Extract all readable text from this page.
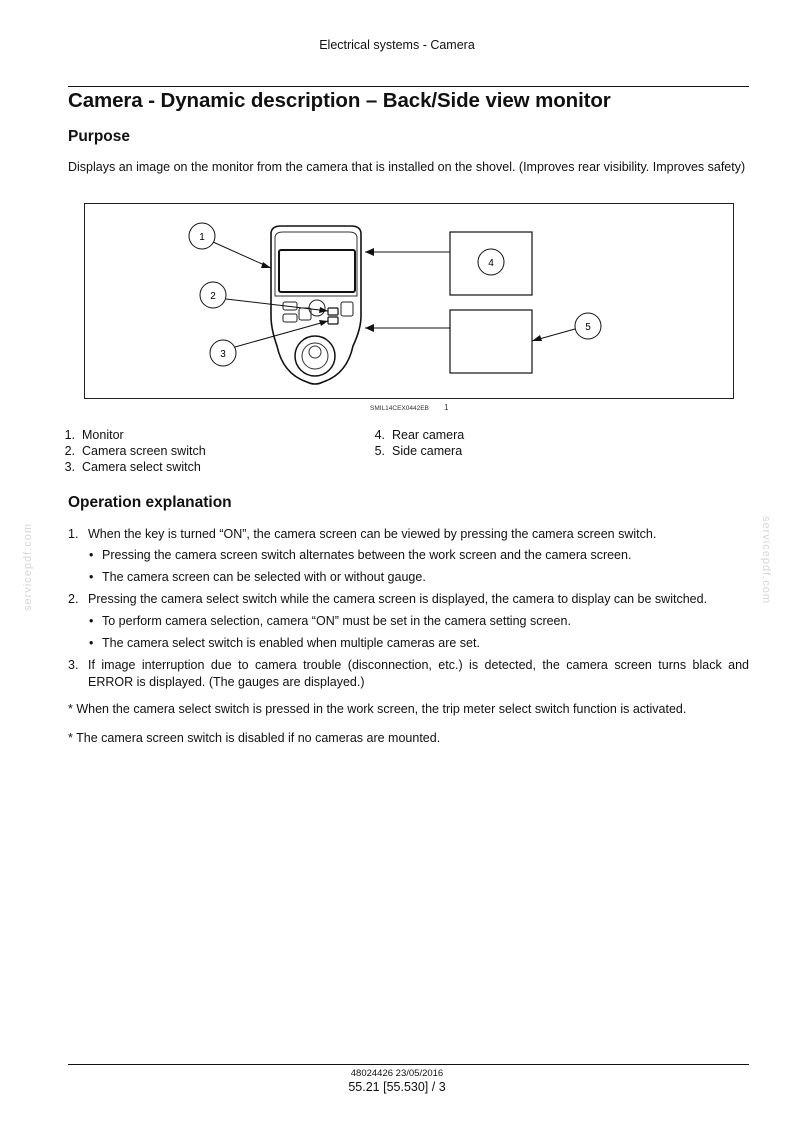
Electrical systems - Camera
Camera - Dynamic description – Back/Side view monitor
Purpose
Displays an image on the monitor from the camera that is installed on the shovel. (Improves rear visibility. Improves safety)
1
2
3
4
5
SMIL14CEX0442EB 1
1. Monitor
2. Camera screen switch
3. Camera select switch
4. Rear camera
5. Side camera
Operation explanation
1. When the key is turned “ON”, the camera screen can be viewed by pressing the camera screen switch.
• Pressing the camera screen switch alternates between the work screen and the camera screen.
• The camera screen can be selected with or without gauge.
2. Pressing the camera select switch while the camera screen is displayed, the camera to display can be switched.
• To perform camera selection, camera “ON” must be set in the camera setting screen.
• The camera select switch is enabled when multiple cameras are set.
3. If image interruption due to camera trouble (disconnection, etc.) is detected, the camera screen turns black and ERROR is displayed. (The gauges are displayed.)
* When the camera select switch is pressed in the work screen, the trip meter select switch function is activated.
* The camera screen switch is disabled if no cameras are mounted.
servicepdf.com	servicepdf.com
48024426 23/05/2016
55.21 [55.530] / 3
